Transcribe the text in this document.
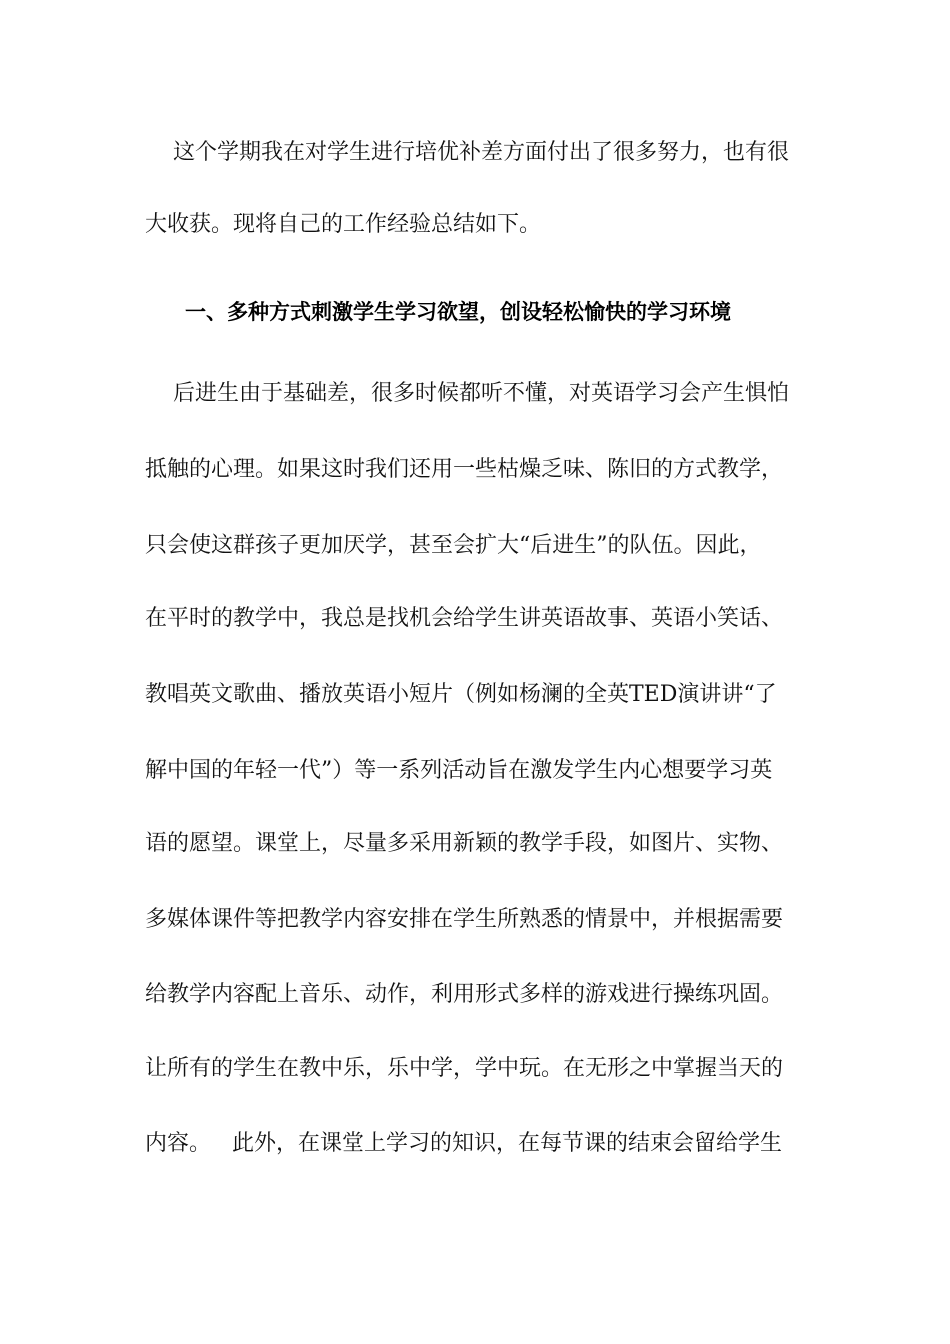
这个学期我在对学生进行培优补差方面付出了很多努力，也有很
大收获。现将自己的工作经验总结如下。
一、多种方式刺激学生学习欲望，创设轻松愉快的学习环境
后进生由于基础差，很多时候都听不懂，对英语学习会产生惧怕
抵触的心理。如果这时我们还用一些枯燥乏味、陈旧的方式教学，
只会使这群孩子更加厌学，甚至会扩大“后进生”的队伍。因此，
在平时的教学中，我总是找机会给学生讲英语故事、英语小笑话、
教唱英文歌曲、播放英语小短片（例如杨澜的全英TED演讲讲“了
解中国的年轻一代”）等一系列活动旨在激发学生内心想要学习英
语的愿望。课堂上，尽量多采用新颖的教学手段，如图片、实物、
多媒体课件等把教学内容安排在学生所熟悉的情景中，并根据需要
给教学内容配上音乐、动作，利用形式多样的游戏进行操练巩固。
让所有的学生在教中乐，乐中学，学中玩。在无形之中掌握当天的
内容。   此外，在课堂上学习的知识，在每节课的结束会留给学生
